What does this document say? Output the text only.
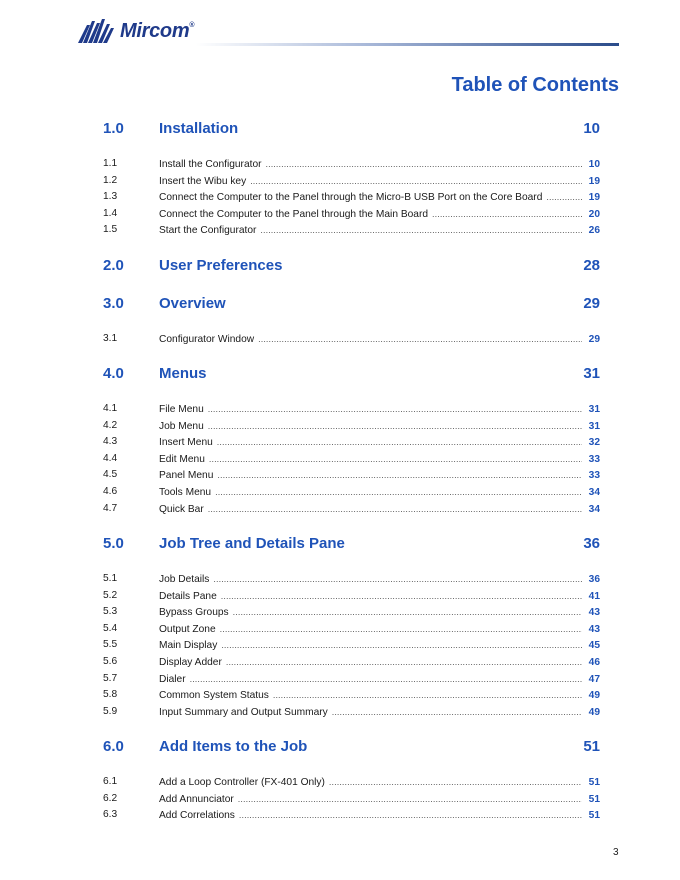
Mircom®
Table of Contents
1.0 Installation	10
1.1	Install the Configurator . . .	10
1.2	Insert the Wibu key . . .	19
1.3	Connect the Computer to the Panel through the Micro-B USB Port on the Core Board . . .	19
1.4	Connect the Computer to the Panel through the Main Board . . .	20
1.5	Start the Configurator . . .	26
2.0 User Preferences	28
3.0 Overview	29
3.1	Configurator Window . . .	29
4.0 Menus	31
4.1	File Menu . . .	31
4.2	Job Menu . . .	31
4.3	Insert Menu . . .	32
4.4	Edit Menu . . .	33
4.5	Panel Menu . . .	33
4.6	Tools Menu . . .	34
4.7	Quick Bar . . .	34
5.0 Job Tree and Details Pane	36
5.1	Job Details . . .	36
5.2	Details Pane . . .	41
5.3	Bypass Groups . . .	43
5.4	Output Zone . . .	43
5.5	Main Display . . .	45
5.6	Display Adder . . .	46
5.7	Dialer . . .	47
5.8	Common System Status . . .	49
5.9	Input Summary and Output Summary . . .	49
6.0 Add Items to the Job	51
6.1	Add a Loop Controller (FX-401 Only) . . .	51
6.2	Add Annunciator . . .	51
6.3	Add Correlations . . .	51
3
